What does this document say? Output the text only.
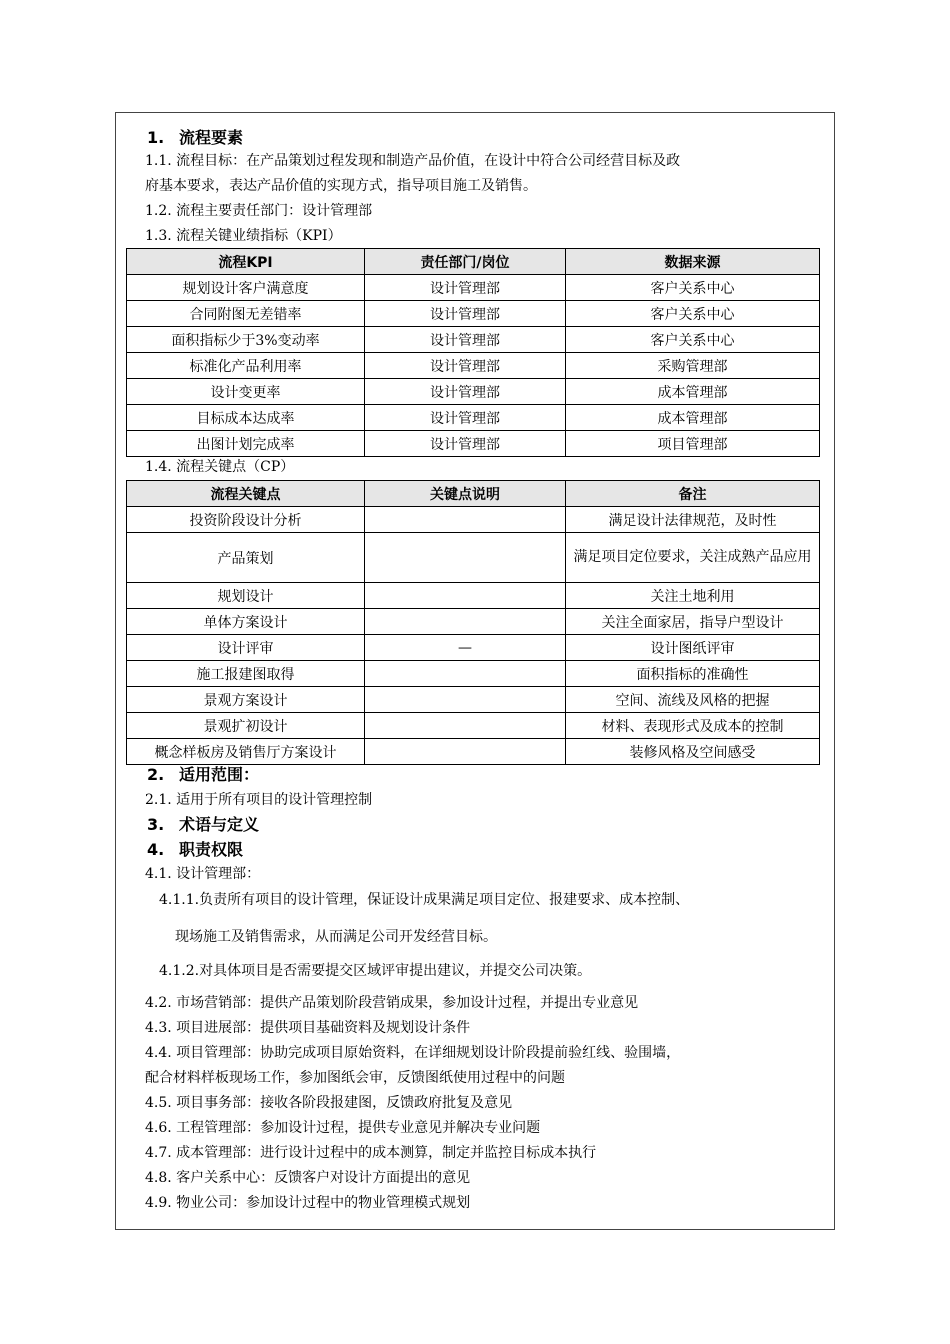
1. 流程要素
1.1. 流程目标：在产品策划过程发现和制造产品价值，在设计中符合公司经营目标及政
府基本要求，表达产品价值的实现方式，指导项目施工及销售。
1.2. 流程主要责任部门：设计管理部
1.3. 流程关键业绩指标（KPI）
流程KPI	责任部门/岗位	数据来源
规划设计客户满意度	设计管理部	客户关系中心
合同附图无差错率	设计管理部	客户关系中心
面积指标少于3%变动率	设计管理部	客户关系中心
标准化产品利用率	设计管理部	采购管理部
设计变更率	设计管理部	成本管理部
目标成本达成率	设计管理部	成本管理部
出图计划完成率	设计管理部	项目管理部
1.4. 流程关键点（CP）
流程关键点	关键点说明	备注
投资阶段设计分析		满足设计法律规范，及时性
产品策划		满足项目定位要求，关注成熟产品应用
规划设计		关注土地利用
单体方案设计		关注全面家居，指导户型设计
设计评审	—	设计图纸评审
施工报建图取得		面积指标的准确性
景观方案设计		空间、流线及风格的把握
景观扩初设计		材料、表现形式及成本的控制
概念样板房及销售厅方案设计		装修风格及空间感受
2. 适用范围：
2.1. 适用于所有项目的设计管理控制
3. 术语与定义
4. 职责权限
4.1. 设计管理部：
4.1.1.负责所有项目的设计管理，保证设计成果满足项目定位、报建要求、成本控制、
现场施工及销售需求，从而满足公司开发经营目标。
4.1.2.对具体项目是否需要提交区域评审提出建议，并提交公司决策。
4.2. 市场营销部：提供产品策划阶段营销成果，参加设计过程，并提出专业意见
4.3. 项目进展部：提供项目基础资料及规划设计条件
4.4. 项目管理部：协助完成项目原始资料，在详细规划设计阶段提前验红线、验围墙，
配合材料样板现场工作，参加图纸会审，反馈图纸使用过程中的问题
4.5. 项目事务部：接收各阶段报建图，反馈政府批复及意见
4.6. 工程管理部：参加设计过程，提供专业意见并解决专业问题
4.7. 成本管理部：进行设计过程中的成本测算，制定并监控目标成本执行
4.8. 客户关系中心：反馈客户对设计方面提出的意见
4.9. 物业公司：参加设计过程中的物业管理模式规划
